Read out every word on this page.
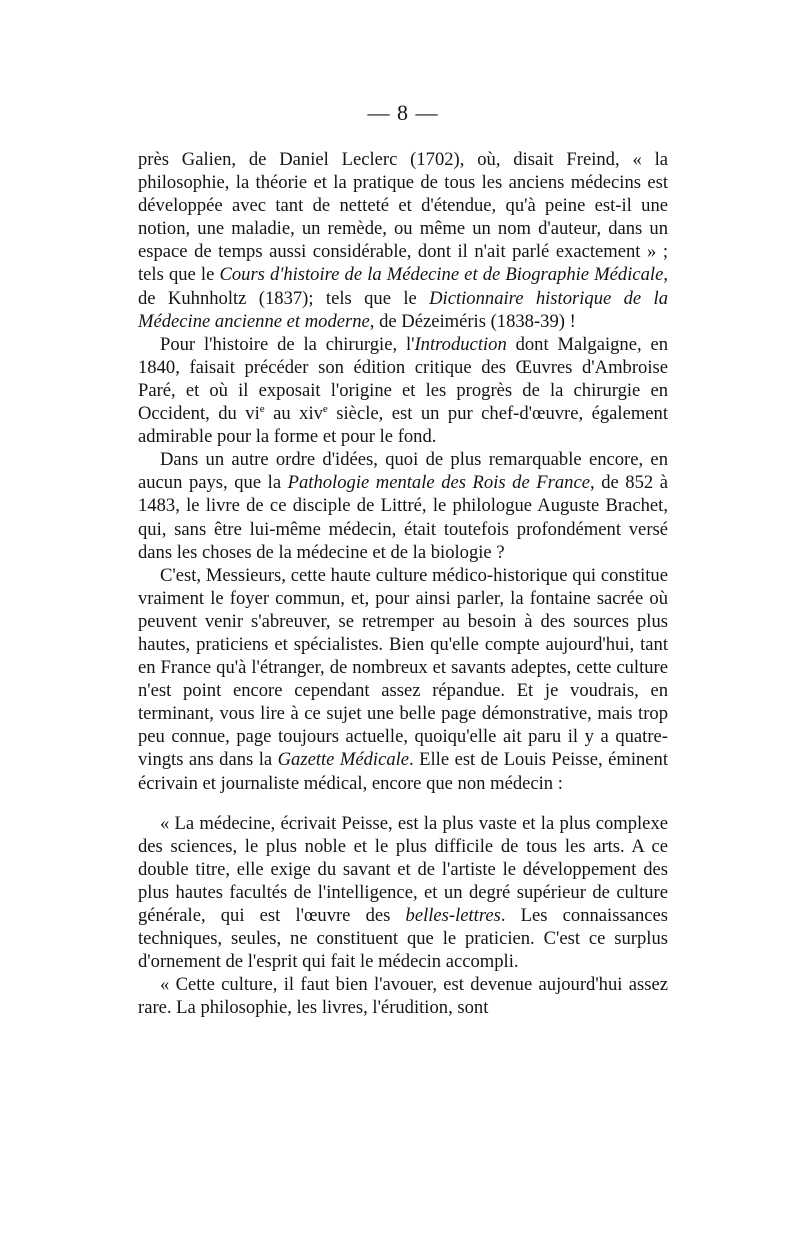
— 8 —

près Galien, de Daniel Leclerc (1702), où, disait Freind, « la philosophie, la théorie et la pratique de tous les anciens médecins est développée avec tant de netteté et d'étendue, qu'à peine est-il une notion, une maladie, un remède, ou même un nom d'auteur, dans un espace de temps aussi considérable, dont il n'ait parlé exactement » ; tels que le Cours d'histoire de la Médecine et de Biographie Médicale, de Kuhnholtz (1837); tels que le Dictionnaire historique de la Médecine ancienne et moderne, de Dézeiméris (1838-39) !

Pour l'histoire de la chirurgie, l'Introduction dont Malgaigne, en 1840, faisait précéder son édition critique des Œuvres d'Ambroise Paré, et où il exposait l'origine et les progrès de la chirurgie en Occident, du $vi^e$ au xiv$^e$ siècle, est un pur chef-d'œuvre, également admirable pour la forme et pour le fond.

Dans un autre ordre d'idées, quoi de plus remarquable encore, en aucun pays, que la Pathologie mentale des Rois de France, de 852 à 1483, le livre de ce disciple de Littré, le philologue Auguste Brachet, qui, sans être lui-même médecin, était toutefois profondément versé dans les choses de la médecine et de la biologie ?

C'est, Messieurs, cette haute culture médico-historique qui constitue vraiment le foyer commun, et, pour ainsi parler, la fontaine sacrée où peuvent venir s'abreuver, se retremper au besoin à des sources plus hautes, praticiens et spécialistes. Bien qu'elle compte aujourd'hui, tant en France qu'à l'étranger, de nombreux et savants adeptes, cette culture n'est point encore cependant assez répandue. Et je voudrais, en terminant, vous lire à ce sujet une belle page démonstrative, mais trop peu connue, page toujours actuelle, quoiqu'elle ait paru il y a quatre-vingts ans dans la Gazette Médicale. Elle est de Louis Peisse, éminent écrivain et journaliste médical, encore que non médecin :

« La médecine, écrivait Peisse, est la plus vaste et la plus complexe des sciences, le plus noble et le plus difficile de tous les arts. A ce double titre, elle exige du savant et de l'artiste le développement des plus hautes facultés de l'intelligence, et un degré supérieur de culture générale, qui est l'œuvre des belles-lettres. Les connaissances techniques, seules, ne constituent que le praticien. C'est ce surplus d'ornement de l'esprit qui fait le médecin accompli.

« Cette culture, il faut bien l'avouer, est devenue aujourd'hui assez rare. La philosophie, les livres, l'érudition, sont
